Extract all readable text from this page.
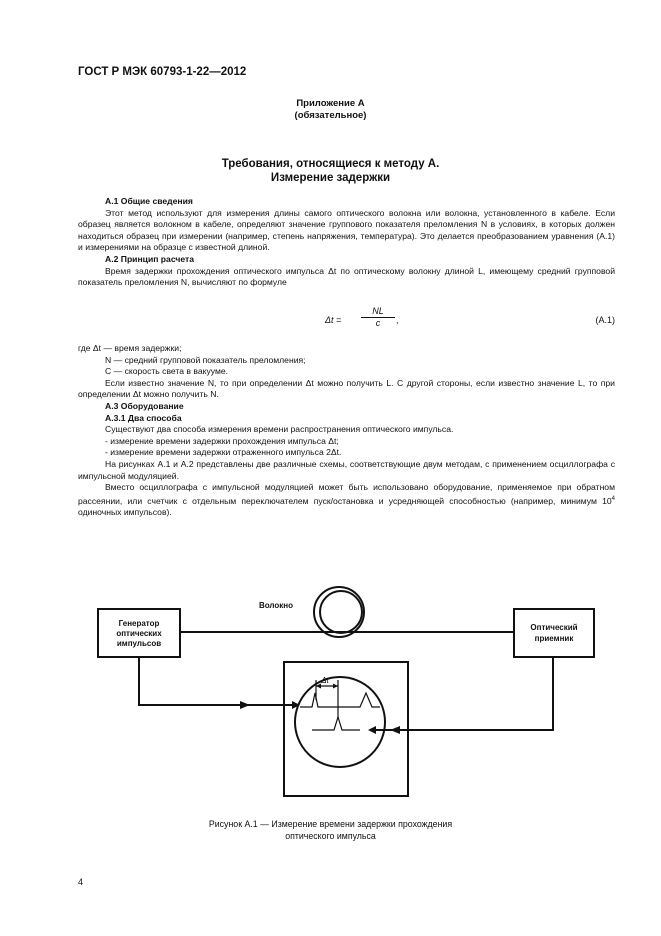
ГОСТ Р МЭК 60793-1-22—2012
Приложение А
(обязательное)
Требования, относящиеся к методу А.
Измерение задержки

А.1 Общие сведения

Этот метод используют для измерения длины самого оптического волокна или волокна, установленного в кабеле. Если образец является волокном в кабеле, определяют значение группового показателя преломления N в условиях, в которых должен находиться образец при измерении (например, степень напряжения, температура). Это делается преобразованием уравнения (А.1) и измерениями на образце с известной длиной.

А.2 Принцип расчета

Время задержки прохождения оптического импульса Δt по оптическому волокну длиной L, имеющему средний групповой показатель преломления N, вычисляют по формуле

$\Delta t = \frac{NL}{c}$ ,	(А.1)

где Δt — время задержки;

N — средний групповой показатель преломления;

C — скорость света в вакууме.

Если известно значение N, то при определении Δt можно получить L. С другой стороны, если известно значение L, то при определении Δt можно получить N.

А.3 Оборудование

А.3.1 Два способа

Существуют два способа измерения времени распространения оптического импульса.

- измерение времени задержки прохождения импульса Δt;

- измерение времени задержки отраженного импульса 2Δt.

На рисунках А.1 и А.2 представлены две различные схемы, соответствующие двум методам, с применением осциллографа с импульсной модуляцией.

Вместо осциллографа с импульсной модуляцией может быть использовано оборудование, применяемое при обратном рассеянии, или счетчик с отдельным переключателем пуск/остановка и усредняющей способностью (например, минимум $10^4$ одиночных импульсов).

Генератор
оптических
импульсов
Оптический
приемник
Волокно
Δt
Рисунок А.1 — Измерение времени задержки прохождения
оптического импульса
4
